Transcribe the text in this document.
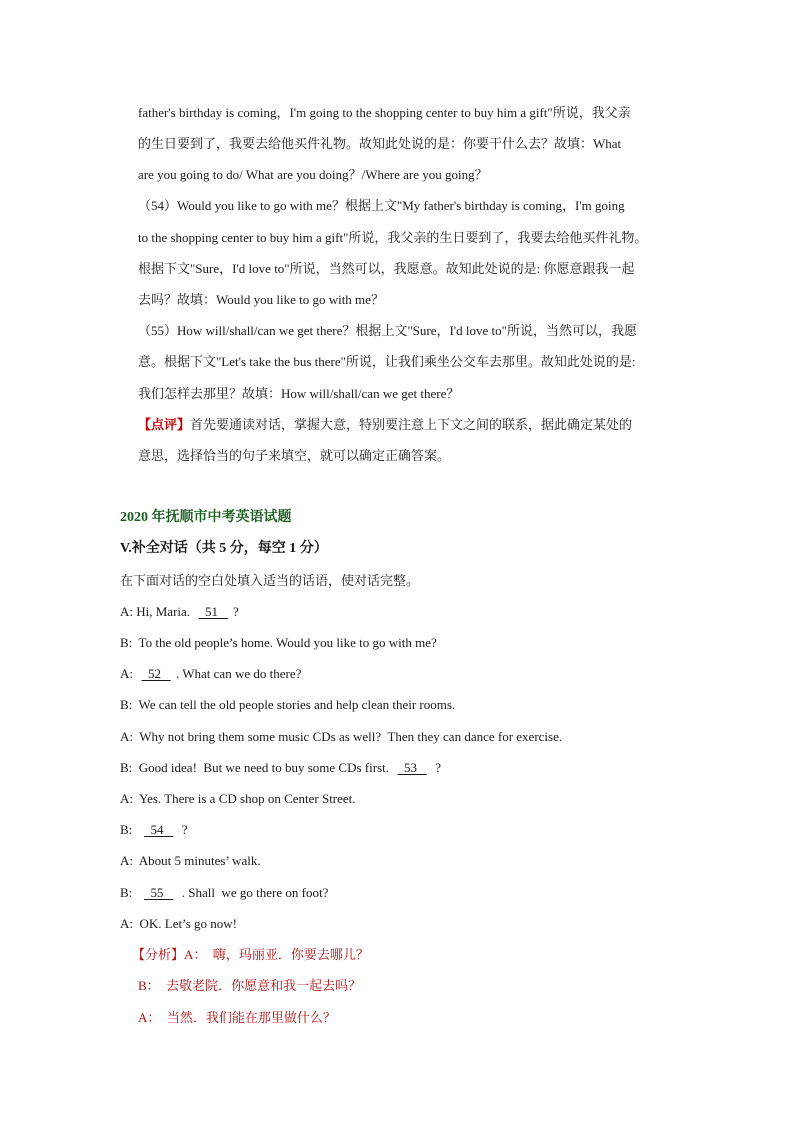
father's birthday is coming，I'm going to the shopping center to buy him a gift"所说，我父亲
的生日要到了，我要去给他买件礼物。故知此处说的是：你要干什么去？故填：What
are you going to do/ What are you doing？/Where are you going？
（54）Would you like to go with me？根据上文"My father's birthday is coming，I'm going
to the shopping center to buy him a gift"所说，我父亲的生日要到了，我要去给他买件礼物。
根据下文"Sure，I'd love to"所说，当然可以，我愿意。故知此处说的是: 你愿意跟我一起
去吗？故填：Would you like to go with me？
（55）How will/shall/can we get there？根据上文"Sure，I'd love to"所说，当然可以，我愿
意。根据下文"Let's take the bus there"所说，让我们乘坐公交车去那里。故知此处说的是:
我们怎样去那里？故填：How will/shall/can we get there？
【点评】首先要通读对话，掌握大意，特别要注意上下文之间的联系，据此确定某处的
意思，选择恰当的句子来填空，就可以确定正确答案。
2020 年抚顺市中考英语试题
V.补全对话（共 5 分，每空 1 分）
在下面对话的空白处填入适当的话语，使对话完整。
A: Hi, Maria.    51    ?
B:  To the old people’s home. Would you like to go with me?
A:    52    . What can we do there?
B:  We can tell the old people stories and help clean their rooms.
A:  Why not bring them some music CDs as well?  Then they can dance for exercise.
B:  Good idea!  But we need to buy some CDs first.    53     ?
A:  Yes. There is a CD shop on Center Street.
B:     54     ?
A:  About 5 minutes’ walk.
B:     55     . Shall  we go there on foot?
A:  OK. Let’s go now!
【分析】A：  嗨，玛丽亚．你要去哪儿？
B：  去敬老院．你愿意和我一起去吗？
A：  当然．我们能在那里做什么？
